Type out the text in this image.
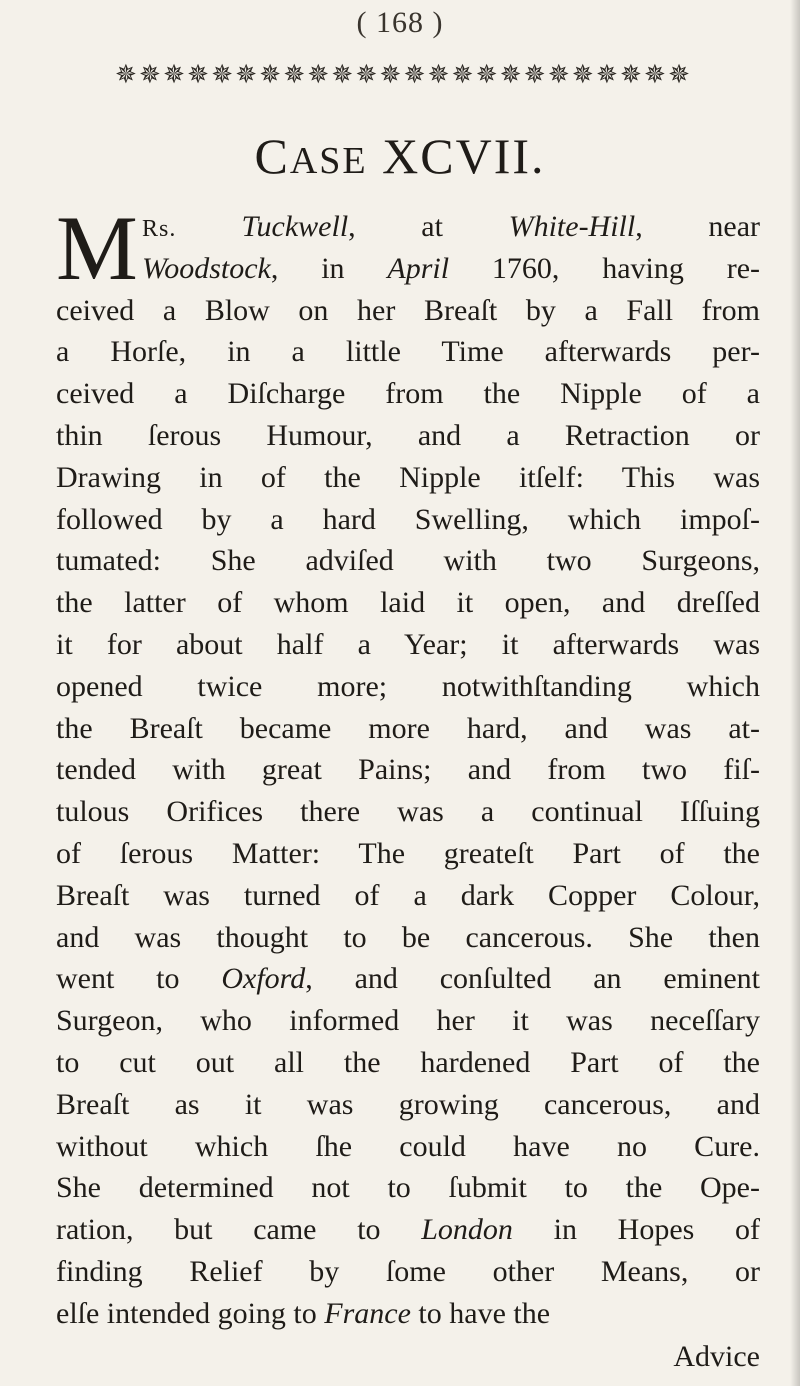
( 168 )
✵ ✵ ✵ ✵ ✵ ✵ ✵ ✵ ✵ ✵ ✵ ✵ ✵ ✵ ✵ ✵ ✵ ✵ ✵ ✵ ✵ ✵ ✵ ✵
CASE XCVII.
M Rs. Tuckwell, at White-Hill, near
Woodstock, in April 1760, having re-
ceived a Blow on her Breaſt by a Fall from
a Horſe, in a little Time afterwards per-
ceived a Diſcharge from the Nipple of a
thin ſerous Humour, and a Retraction or
Drawing in of the Nipple itſelf: This was
followed by a hard Swelling, which impoſ-
tumated: She adviſed with two Surgeons,
the latter of whom laid it open, and dreſſed
it for about half a Year; it afterwards was
opened twice more; notwithſtanding which
the Breaſt became more hard, and was at-
tended with great Pains; and from two fiſ-
tulous Orifices there was a continual Iſſuing
of ſerous Matter: The greateſt Part of the
Breaſt was turned of a dark Copper Colour,
and was thought to be cancerous. She then
went to Oxford, and conſulted an eminent
Surgeon, who informed her it was neceſſary
to cut out all the hardened Part of the
Breaſt as it was growing cancerous, and
without which ſhe could have no Cure.
She determined not to ſubmit to the Ope-
ration, but came to London in Hopes of
finding Relief by ſome other Means, or
elſe intended going to France to have the
Advice
